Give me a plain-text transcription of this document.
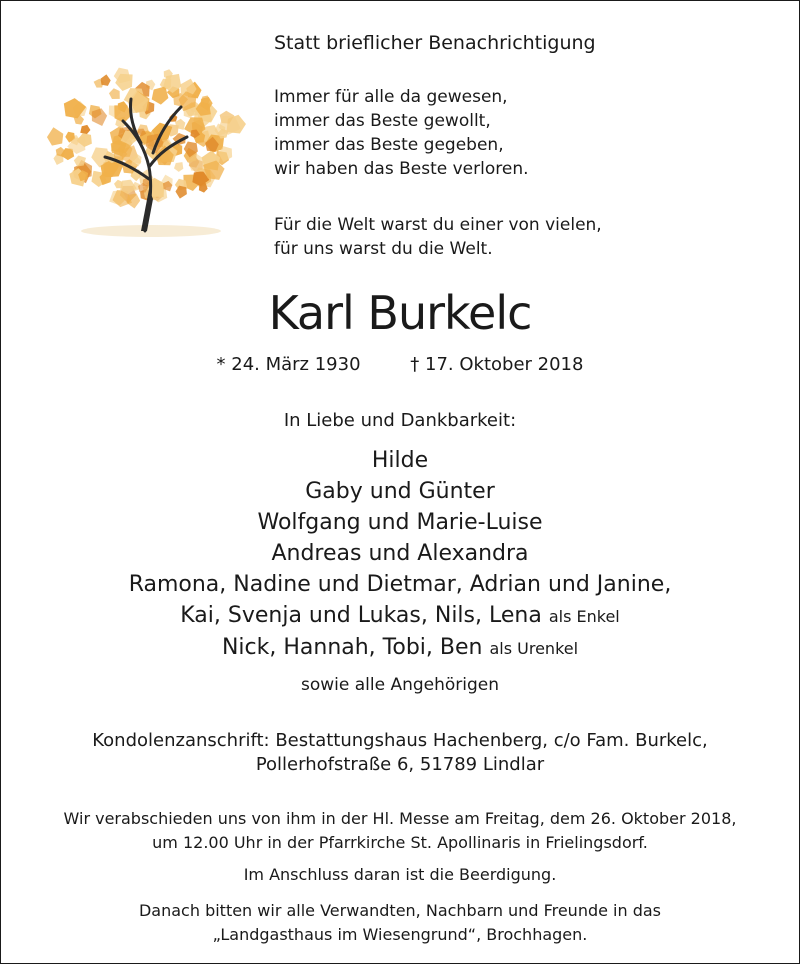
Statt brieflicher Benachrichtigung
Immer für alle da gewesen,
immer das Beste gewollt,
immer das Beste gegeben,
wir haben das Beste verloren.
Für die Welt warst du einer von vielen,
für uns warst du die Welt.
Karl Burkelc
* 24. März 1930	† 17. Oktober 2018
In Liebe und Dankbarkeit:
Hilde
Gaby und Günter
Wolfgang und Marie-Luise
Andreas und Alexandra
Ramona, Nadine und Dietmar, Adrian und Janine,
Kai, Svenja und Lukas, Nils, Lena als Enkel
Nick, Hannah, Tobi, Ben als Urenkel
sowie alle Angehörigen
Kondolenzanschrift: Bestattungshaus Hachenberg, c/o Fam. Burkelc,
Pollerhofstraße 6, 51789 Lindlar
Wir verabschieden uns von ihm in der Hl. Messe am Freitag, dem 26. Oktober 2018,
um 12.00 Uhr in der Pfarrkirche St. Apollinaris in Frielingsdorf.
Im Anschluss daran ist die Beerdigung.
Danach bitten wir alle Verwandten, Nachbarn und Freunde in das
„Landgasthaus im Wiesengrund“, Brochhagen.
